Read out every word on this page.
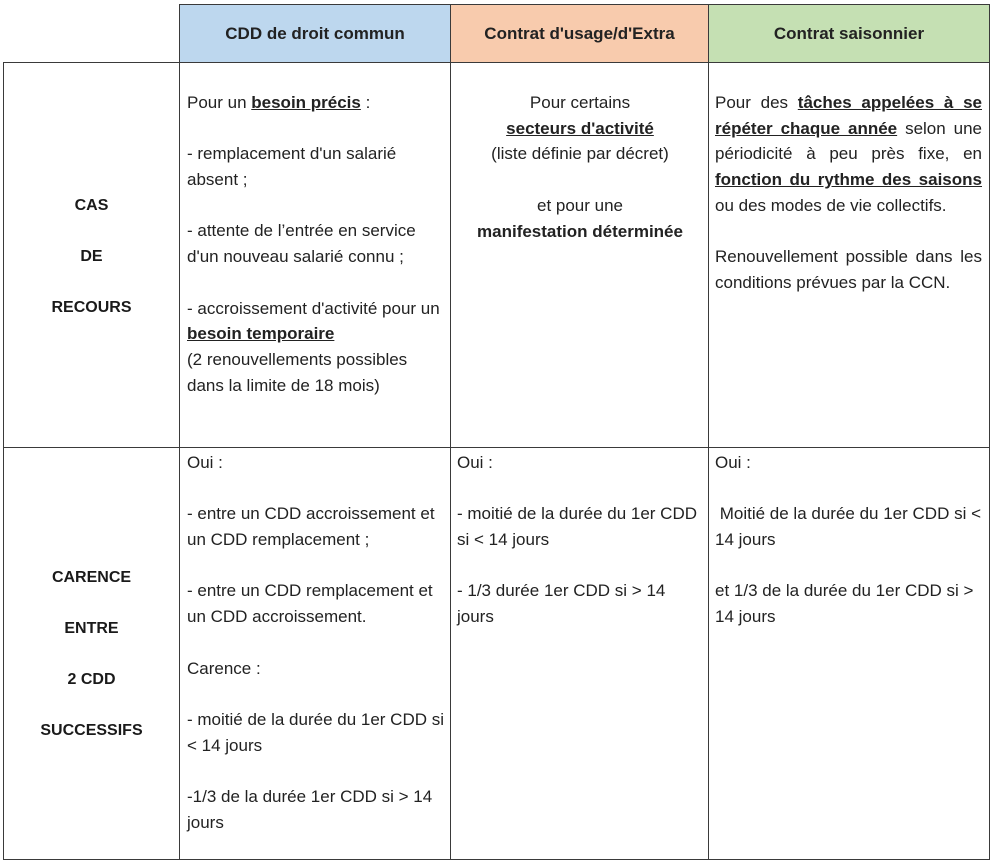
CDD de droit commun	Contrat d'usage/d'Extra	Contrat saisonnier
CAS
DE
RECOURS

Pour un besoin précis :

- remplacement d'un salarié absent ;

- attente de l’entrée en service d'un nouveau salarié connu ;

- accroissement d'activité pour un besoin temporaire

(2 renouvellements possibles dans la limite de 18 mois)

Pour certains

secteurs d'activité

(liste définie par décret)

et pour une

manifestation déterminée

Pour des tâches appelées à se répéter chaque année selon une périodicité à peu près fixe, en fonction du rythme des saisons ou des modes de vie collectifs.

Renouvellement possible dans les conditions prévues par la CCN.

CARENCE
ENTRE
2 CDD
SUCCESSIFS

Oui :

- entre un CDD accroissement et un CDD remplacement ;

- entre un CDD remplacement et un CDD accroissement.

Carence :

- moitié de la durée du 1er CDD si < 14 jours

-1/3 de la durée 1er CDD si > 14 jours

Oui :

- moitié de la durée du 1er CDD si < 14 jours

- 1/3 durée 1er CDD si > 14 jours

Oui :

Moitié de la durée du 1er CDD si < 14 jours

et 1/3 de la durée du 1er CDD si > 14 jours
